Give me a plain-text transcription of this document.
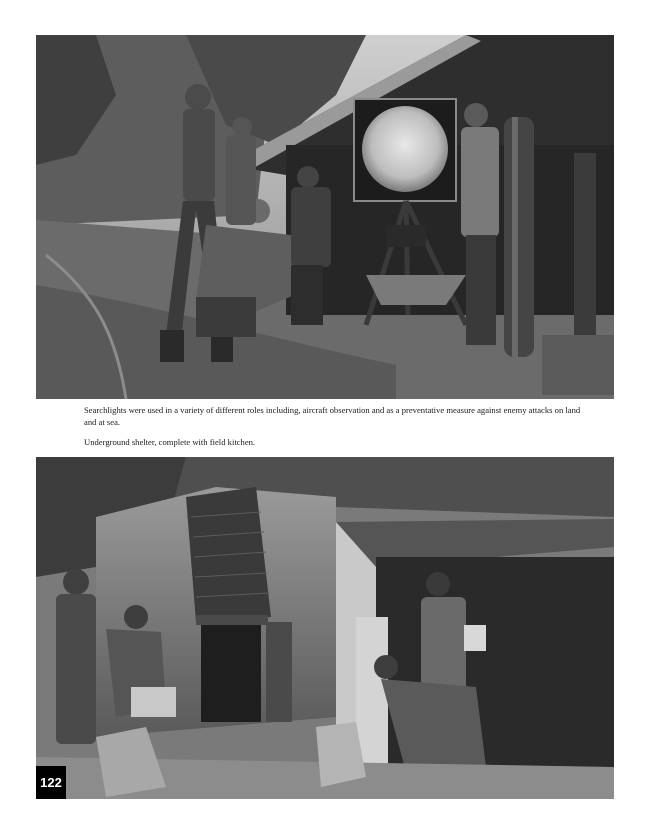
Searchlights were used in a variety of different roles including, aircraft observation and as a preventative measure against enemy attacks on land and at sea.
Underground shelter, complete with field kitchen.
122
